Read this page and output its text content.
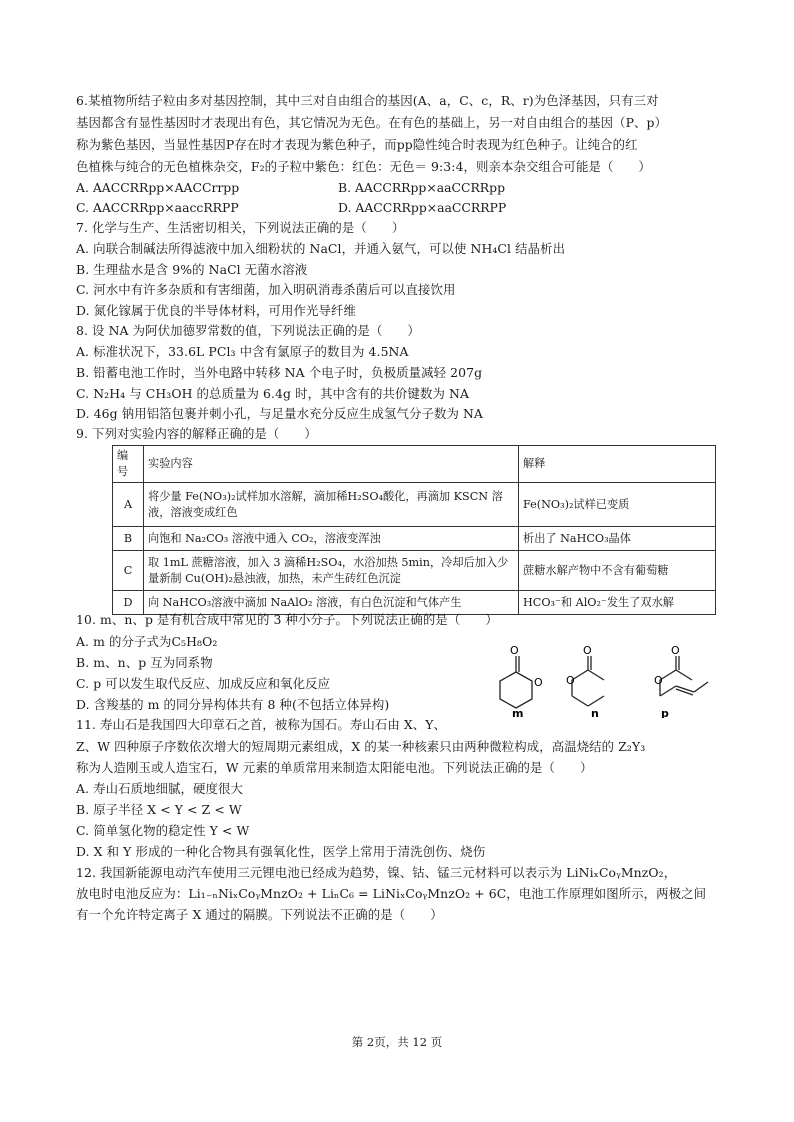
6.某植物所结子粒由多对基因控制，其中三对自由组合的基因(A、a，C、c，R、r)为色泽基因，只有三对
基因都含有显性基因时才表现出有色，其它情况为无色。在有色的基础上，另一对自由组合的基因（P、p）
称为紫色基因，当显性基因P存在时才表现为紫色种子，而pp隐性纯合时表现为红色种子。让纯合的红
色植株与纯合的无色植株杂交，F₂的子粒中紫色：红色：无色＝ 9:3:4，则亲本杂交组合可能是（　　）
A. AACCRRpp×AACCrrpp	B. AACCRRpp×aaCCRRpp
C. AACCRRpp×aaccRRPP	D. AACCRRpp×aaCCRRPP
7. 化学与生产、生活密切相关，下列说法正确的是（　　）
A. 向联合制碱法所得滤液中加入细粉状的 NaCl，并通入氨气，可以使 NH₄Cl 结晶析出
B. 生理盐水是含 9%的 NaCl 无菌水溶液
C. 河水中有许多杂质和有害细菌，加入明矾消毒杀菌后可以直接饮用
D. 氮化镓属于优良的半导体材料，可用作光导纤维
8. 设 NA 为阿伏加德罗常数的值，下列说法正确的是（　　）
A. 标准状况下，33.6L PCl₃ 中含有氯原子的数目为 4.5NA
B. 铅蓄电池工作时，当外电路中转移 NA 个电子时，负极质量减轻 207g
C. N₂H₄ 与 CH₃OH 的总质量为 6.4g 时，其中含有的共价键数为 NA
D. 46g 钠用铝箔包裹并刺小孔，与足量水充分反应生成氢气分子数为 NA
9. 下列对实验内容的解释正确的是（　　）
编号	实验内容	解释
A	将少量 Fe(NO₃)₂试样加水溶解，滴加稀H₂SO₄酸化，再滴加 KSCN 溶液，溶液变成红色	Fe(NO₃)₂试样已变质
B	向饱和 Na₂CO₃ 溶液中通入 CO₂，溶液变浑浊	析出了 NaHCO₃晶体
C	取 1mL 蔗糖溶液，加入 3 滴稀H₂SO₄，水浴加热 5min，冷却后加入少量新制 Cu(OH)₂悬浊液，加热，未产生砖红色沉淀	蔗糖水解产物中不含有葡萄糖
D	向 NaHCO₃溶液中滴加 NaAlO₂ 溶液，有白色沉淀和气体产生	HCO₃⁻和 AlO₂⁻发生了双水解
10. m、n、p 是有机合成中常见的 3 种小分子。下列说法正确的是（　　）
A. m 的分子式为C₅H₈O₂
B. m、n、p 互为同系物
C. p 可以发生取代反应、加成反应和氧化反应
D. 含羧基的 m 的同分异构体共有 8 种(不包括立体异构)
O
O
m
O
O
n
O
O
p
11. 寿山石是我国四大印章石之首，被称为国石。寿山石由 X、Y、
Z、W 四种原子序数依次增大的短周期元素组成，X 的某一种核素只由两种微粒构成，高温烧结的 Z₂Y₃
称为人造刚玉或人造宝石，W 元素的单质常用来制造太阳能电池。下列说法正确的是（　　）
A. 寿山石质地细腻，硬度很大
B. 原子半径 X < Y < Z < W
C. 简单氢化物的稳定性 Y < W
D. X 和 Y 形成的一种化合物具有强氧化性，医学上常用于清洗创伤、烧伤
12. 我国新能源电动汽车使用三元锂电池已经成为趋势，镍、钴、锰三元材料可以表示为 LiNiₓCoᵧMnzO₂，
放电时电池反应为：Li₁₋ₙNiₓCoᵧMnzO₂ + LiₙC₆ = LiNiₓCoᵧMnzO₂ + 6C，电池工作原理如图所示，两极之间
有一个允许特定离子 X 通过的隔膜。下列说法不正确的是（　　）
第 2页，共 12 页
